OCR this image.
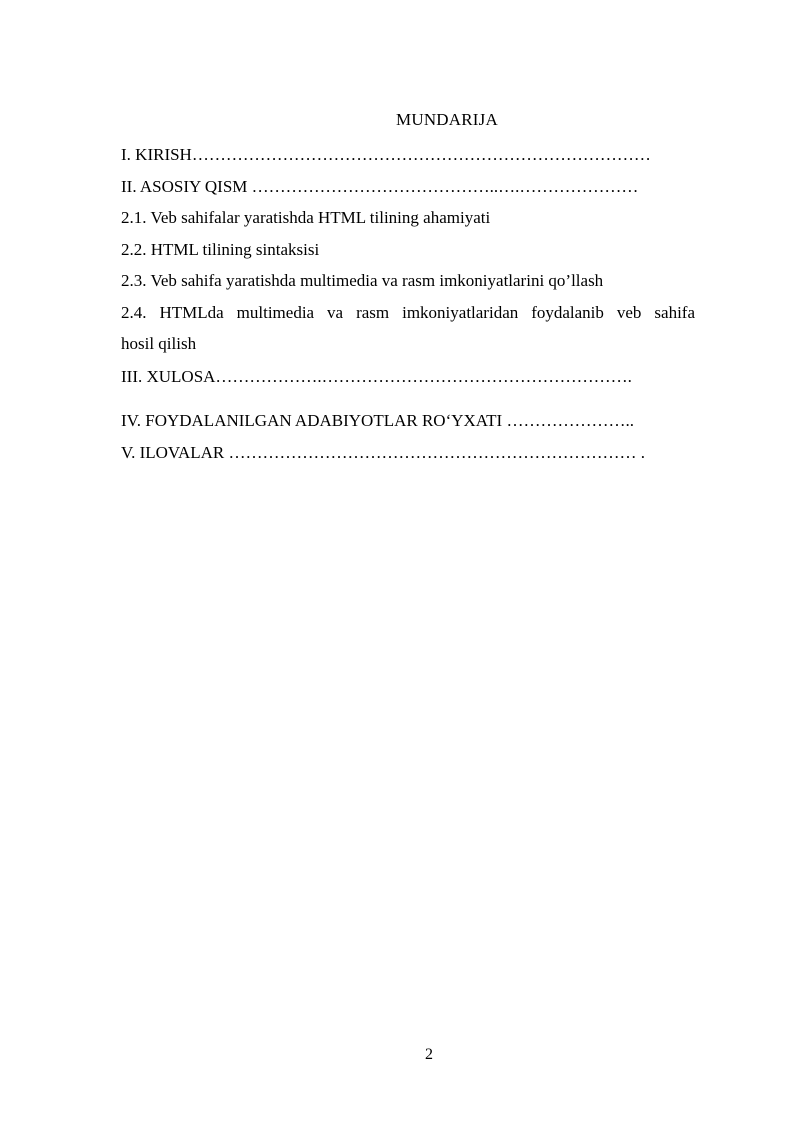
MUNDARIJA
I. KIRISH………………………………………………………………………
II. ASOSIY QISM ……………………………………..….…………………
2.1. Veb sahifalar yaratishda HTML tilining ahamiyati
2.2. HTML tilining sintaksisi
2.3. Veb sahifa yaratishda multimedia va rasm imkoniyatlarini qo’llash
2.4. HTMLda multimedia va rasm imkoniyatlaridan foydalanib veb sahifa
hosil qilish
III. XULOSA……………….……………………………………………….
IV. FOYDALANILGAN ADABIYOTLAR RO‘YXATI …………………..
V. ILOVALAR ……………………………………………………………… .
2
